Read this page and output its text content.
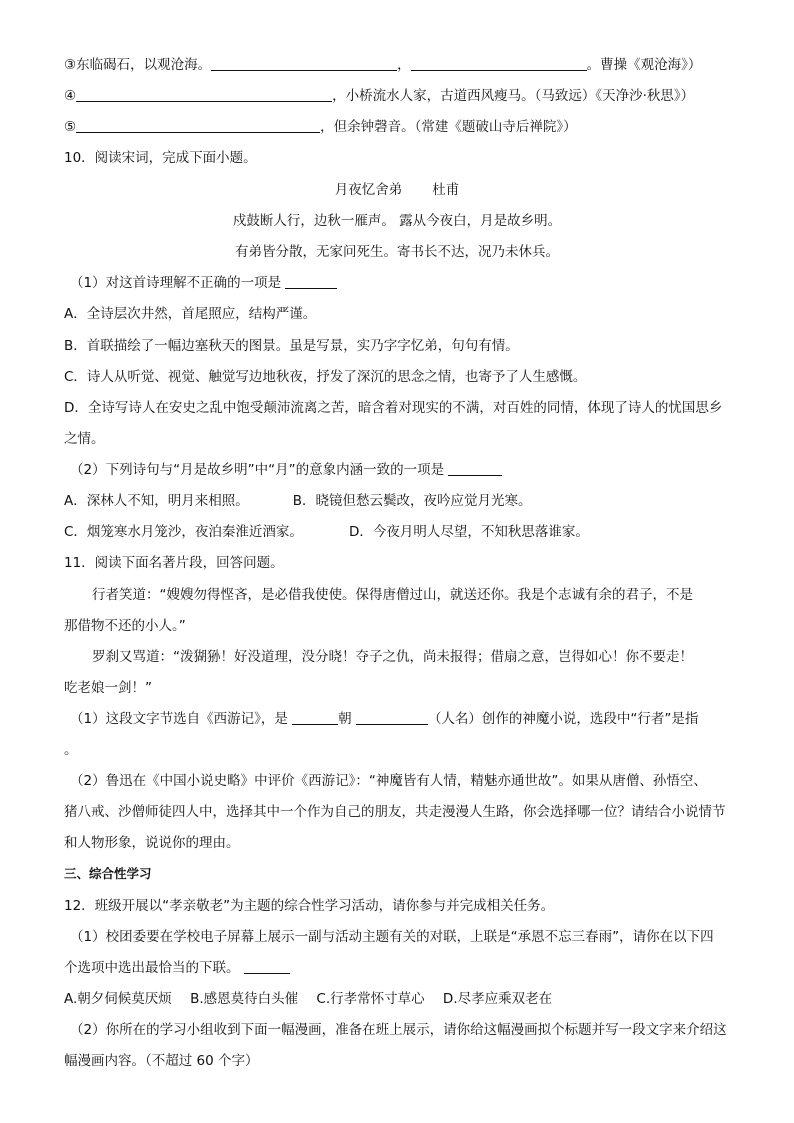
③东临碣石，以观沧海。	，	。曹操《观沧海》）
④	，小桥流水人家，古道西风瘦马。（马致远）《天净沙·秋思》）
⑤	，但余钟磬音。（常建《题破山寺后禅院》）
10．阅读宋词，完成下面小题。
月夜忆舍弟 杜甫
戍鼓断人行，边秋一雁声。 露从今夜白，月是故乡明。
有弟皆分散，无家问死生。寄书长不达，况乃未休兵。
（1）对这首诗理解不正确的一项是
A．全诗层次井然，首尾照应，结构严谨。
B．首联描绘了一幅边塞秋天的图景。虽是写景，实乃字字忆弟，句句有情。
C．诗人从听觉、视觉、触觉写边地秋夜，抒发了深沉的思念之情，也寄予了人生感慨。
D．全诗写诗人在安史之乱中饱受颠沛流离之苦，暗含着对现实的不满，对百姓的同情，体现了诗人的忧国思乡
之情。
（2）下列诗句与“月是故乡明”中“月”的意象内涵一致的一项是
A．深林人不知，明月来相照。	B．晓镜但愁云鬓改，夜吟应觉月光寒。
C．烟笼寒水月笼沙，夜泊秦淮近酒家。	D．今夜月明人尽望，不知秋思落谁家。
11．阅读下面名著片段，回答问题。
行者笑道：“嫂嫂勿得悭吝，是必借我使使。保得唐僧过山，就送还你。我是个志诚有余的君子，不是
那借物不还的小人。”
罗刹又骂道：“泼猢狲！好没道理，没分晓！夺子之仇，尚未报得；借扇之意，岂得如心！你不要走！
吃老娘一剑！”
（1）这段文字节选自《西游记》，是	朝	（人名）创作的神魔小说，选段中“行者”是指
。
（2）鲁迅在《中国小说史略》中评价《西游记》：“神魔皆有人情，精魅亦通世故”。如果从唐僧、孙悟空、
猪八戒、沙僧师徒四人中，选择其中一个作为自己的朋友，共走漫漫人生路，你会选择哪一位？请结合小说情节
和人物形象，说说你的理由。
三、综合性学习
12．班级开展以“孝亲敬老”为主题的综合性学习活动，请你参与并完成相关任务。
（1）校团委要在学校电子屏幕上展示一副与活动主题有关的对联，上联是“承恩不忘三春雨”，请你在以下四
个选项中选出最恰当的下联。
A.朝夕伺候莫厌烦 B.感恩莫待白头催 C.行孝常怀寸草心 D.尽孝应乘双老在
（2）你所在的学习小组收到下面一幅漫画，准备在班上展示，请你给这幅漫画拟个标题并写一段文字来介绍这
幅漫画内容。（不超过 60 个字）
